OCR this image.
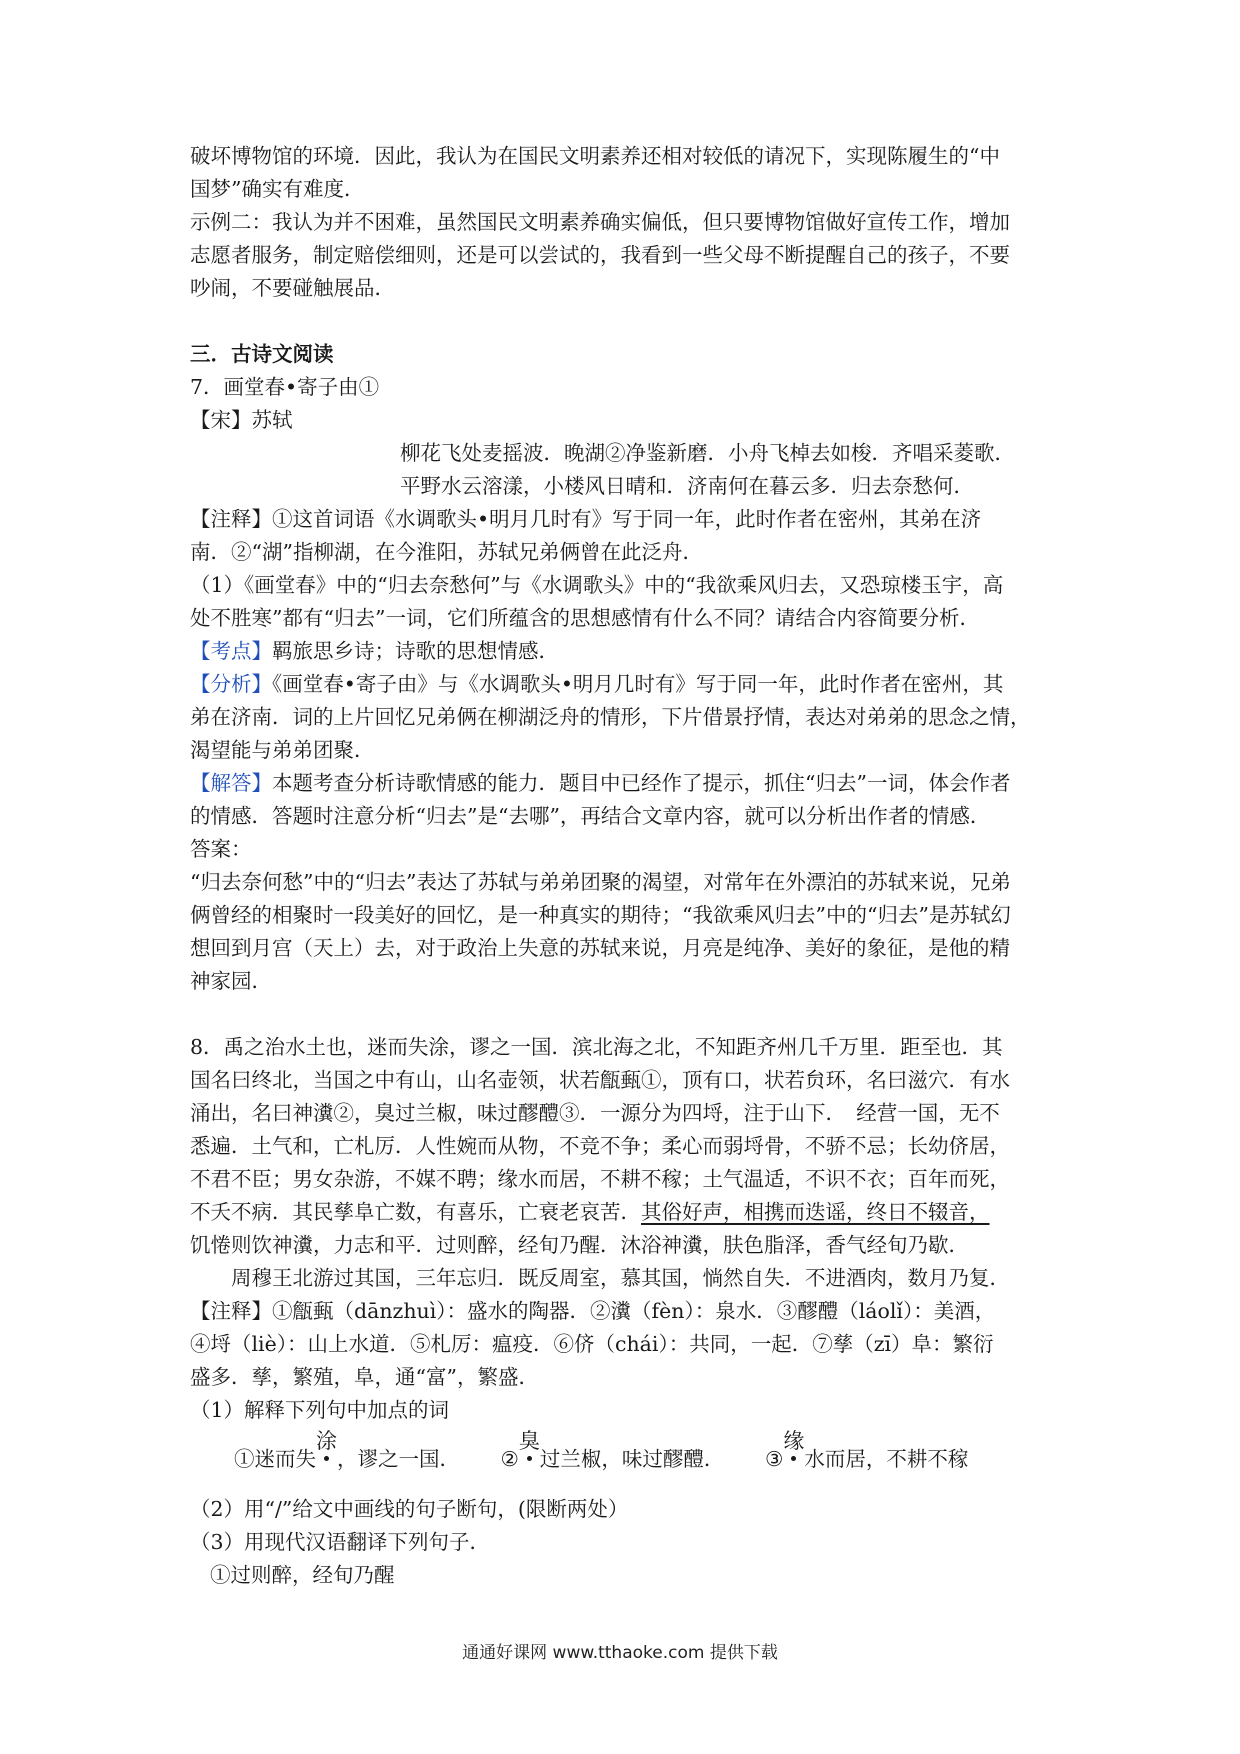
破坏博物馆的环境．因此，我认为在国民文明素养还相对较低的请况下，实现陈履生的“中

国梦”确实有难度．

示例二：我认为并不困难，虽然国民文明素养确实偏低，但只要博物馆做好宣传工作，增加

志愿者服务，制定赔偿细则，还是可以尝试的，我看到一些父母不断提醒自己的孩子，不要

吵闹，不要碰触展品．

三．古诗文阅读

7．画堂春•寄子由①

【宋】苏轼

柳花飞处麦摇波．晚湖②净鉴新磨．小舟飞棹去如梭．齐唱采菱歌．

平野水云溶漾，小楼风日晴和．济南何在暮云多．归去奈愁何．

【注释】①这首词语《水调歌头•明月几时有》写于同一年，此时作者在密州，其弟在济

南．②“湖”指柳湖，在今淮阳，苏轼兄弟俩曾在此泛舟．

（1）《画堂春》中的“归去奈愁何”与《水调歌头》中的“我欲乘风归去，又恐琼楼玉宇，高

处不胜寒”都有“归去”一词，它们所蕴含的思想感情有什么不同？请结合内容简要分析．

【考点】羁旅思乡诗；诗歌的思想情感．

【分析】《画堂春•寄子由》与《水调歌头•明月几时有》写于同一年，此时作者在密州，其

弟在济南．词的上片回忆兄弟俩在柳湖泛舟的情形，下片借景抒情，表达对弟弟的思念之情，

渴望能与弟弟团聚．

【解答】本题考查分析诗歌情感的能力．题目中已经作了提示，抓住“归去”一词，体会作者

的情感．答题时注意分析“归去”是“去哪”，再结合文章内容，就可以分析出作者的情感．

答案：

“归去奈何愁”中的“归去”表达了苏轼与弟弟团聚的渴望，对常年在外漂泊的苏轼来说，兄弟

俩曾经的相聚时一段美好的回忆，是一种真实的期待；“我欲乘风归去”中的“归去”是苏轼幻

想回到月宫（天上）去，对于政治上失意的苏轼来说，月亮是纯净、美好的象征，是他的精

神家园．

8．禹之治水土也，迷而失涂，谬之一国．滨北海之北，不知距齐州几千万里．距至也．其

国名曰终北，当国之中有山，山名壶领，状若甔甀①，顶有口，状若贠环，名曰滋穴．有水

涌出，名曰神瀵②，臭过兰椒，味过醪醴③．一源分为四埒，注于山下．　经营一国，无不

悉遍．土气和，亡札厉．人性婉而从物，不竞不争；柔心而弱埒骨，不骄不忌；长幼侪居，

不君不臣；男女杂游，不媒不聘；缘水而居，不耕不稼；土气温适，不识不衣；百年而死，

不夭不病．其民孳阜亡数，有喜乐，亡衰老哀苦．其俗好声，相携而迭谣，终日不辍音，

饥惓则饮神瀵，力志和平．过则醉，经旬乃醒．沐浴神瀵，肤色脂泽，香气经旬乃歇．

周穆王北游过其国，三年忘归．既反周室，慕其国，惝然自失．不进酒肉，数月乃复．

【注释】①甔甀（dānzhuì）：盛水的陶器．②瀵（fèn）：泉水．③醪醴（láolǐ）：美酒，

④埒（liè）：山上水道．⑤札厉：瘟疫．⑥侪（chái）：共同，一起．⑦孳（zī）阜：繁衍

盛多．孳，繁殖，阜，通“富”，繁盛．

（1）解释下列句中加点的词

①迷而失涂，谬之一国． ②臭过兰椒，味过醪醴． ③缘水而居，不耕不稼

（2）用“/”给文中画线的句子断句，(限断两处）

（3）用现代汉语翻译下列句子．

①过则醉，经旬乃醒

通通好课网 www.tthaoke.com 提供下载
